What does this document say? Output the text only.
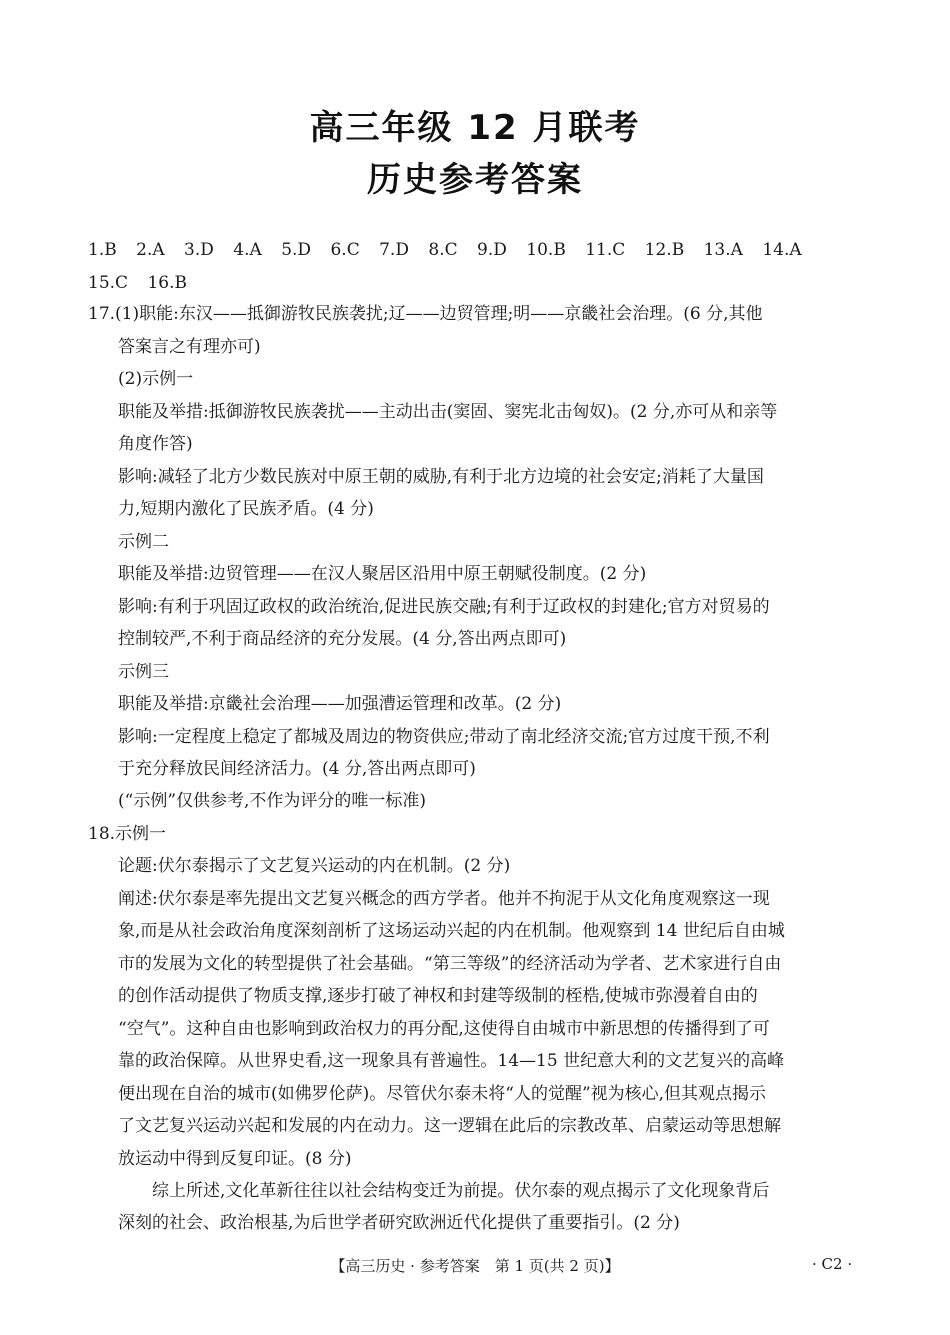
高三年级 12 月联考
历史参考答案
1.B 2.A 3.D 4.A 5.D 6.C 7.D 8.C 9.D 10.B 11.C 12.B 13.A 14.A
15.C 16.B

17.(1)职能:东汉——抵御游牧民族袭扰;辽——边贸管理;明——京畿社会治理。(6 分,其他

答案言之有理亦可)

(2)示例一

职能及举措:抵御游牧民族袭扰——主动出击(窦固、窦宪北击匈奴)。(2 分,亦可从和亲等

角度作答)

影响:减轻了北方少数民族对中原王朝的威胁,有利于北方边境的社会安定;消耗了大量国

力,短期内激化了民族矛盾。(4 分)

示例二

职能及举措:边贸管理——在汉人聚居区沿用中原王朝赋役制度。(2 分)

影响:有利于巩固辽政权的政治统治,促进民族交融;有利于辽政权的封建化;官方对贸易的

控制较严,不利于商品经济的充分发展。(4 分,答出两点即可)

示例三

职能及举措:京畿社会治理——加强漕运管理和改革。(2 分)

影响:一定程度上稳定了都城及周边的物资供应;带动了南北经济交流;官方过度干预,不利

于充分释放民间经济活力。(4 分,答出两点即可)

(“示例”仅供参考,不作为评分的唯一标准)

18.示例一

论题:伏尔泰揭示了文艺复兴运动的内在机制。(2 分)

阐述:伏尔泰是率先提出文艺复兴概念的西方学者。他并不拘泥于从文化角度观察这一现

象,而是从社会政治角度深刻剖析了这场运动兴起的内在机制。他观察到 14 世纪后自由城

市的发展为文化的转型提供了社会基础。“第三等级”的经济活动为学者、艺术家进行自由

的创作活动提供了物质支撑,逐步打破了神权和封建等级制的桎梏,使城市弥漫着自由的

“空气”。这种自由也影响到政治权力的再分配,这使得自由城市中新思想的传播得到了可

靠的政治保障。从世界史看,这一现象具有普遍性。14—15 世纪意大利的文艺复兴的高峰

便出现在自治的城市(如佛罗伦萨)。尽管伏尔泰未将“人的觉醒”视为核心,但其观点揭示

了文艺复兴运动兴起和发展的内在动力。这一逻辑在此后的宗教改革、启蒙运动等思想解

放运动中得到反复印证。(8 分)

综上所述,文化革新往往以社会结构变迁为前提。伏尔泰的观点揭示了文化现象背后

深刻的社会、政治根基,为后世学者研究欧洲近代化提供了重要指引。(2 分)

【高三历史 · 参考答案　第 1 页(共 2 页)】	· C2 ·
